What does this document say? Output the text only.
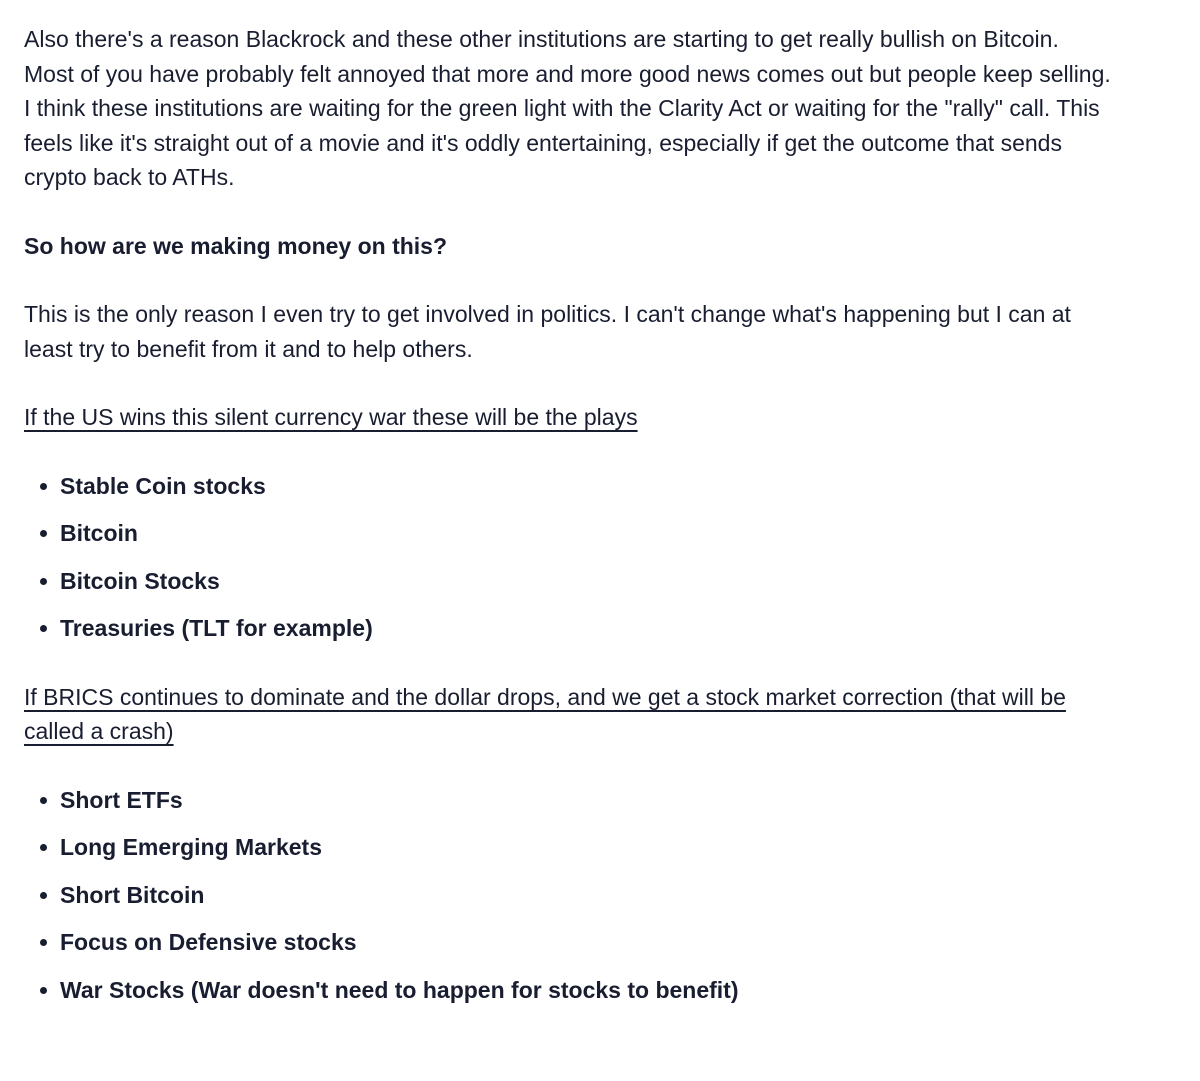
Also there's a reason Blackrock and these other institutions are starting to get really bullish on Bitcoin. Most of you have probably felt annoyed that more and more good news comes out but people keep selling. I think these institutions are waiting for the green light with the Clarity Act or waiting for the "rally" call. This feels like it's straight out of a movie and it's oddly entertaining, especially if get the outcome that sends crypto back to ATHs.

So how are we making money on this?

This is the only reason I even try to get involved in politics. I can't change what's happening but I can at least try to benefit from it and to help others.

If the US wins this silent currency war these will be the plays

Stable Coin stocks
Bitcoin
Bitcoin Stocks
Treasuries (TLT for example)

If BRICS continues to dominate and the dollar drops, and we get a stock market correction (that will be called a crash)

Short ETFs
Long Emerging Markets
Short Bitcoin
Focus on Defensive stocks
War Stocks (War doesn't need to happen for stocks to benefit)
